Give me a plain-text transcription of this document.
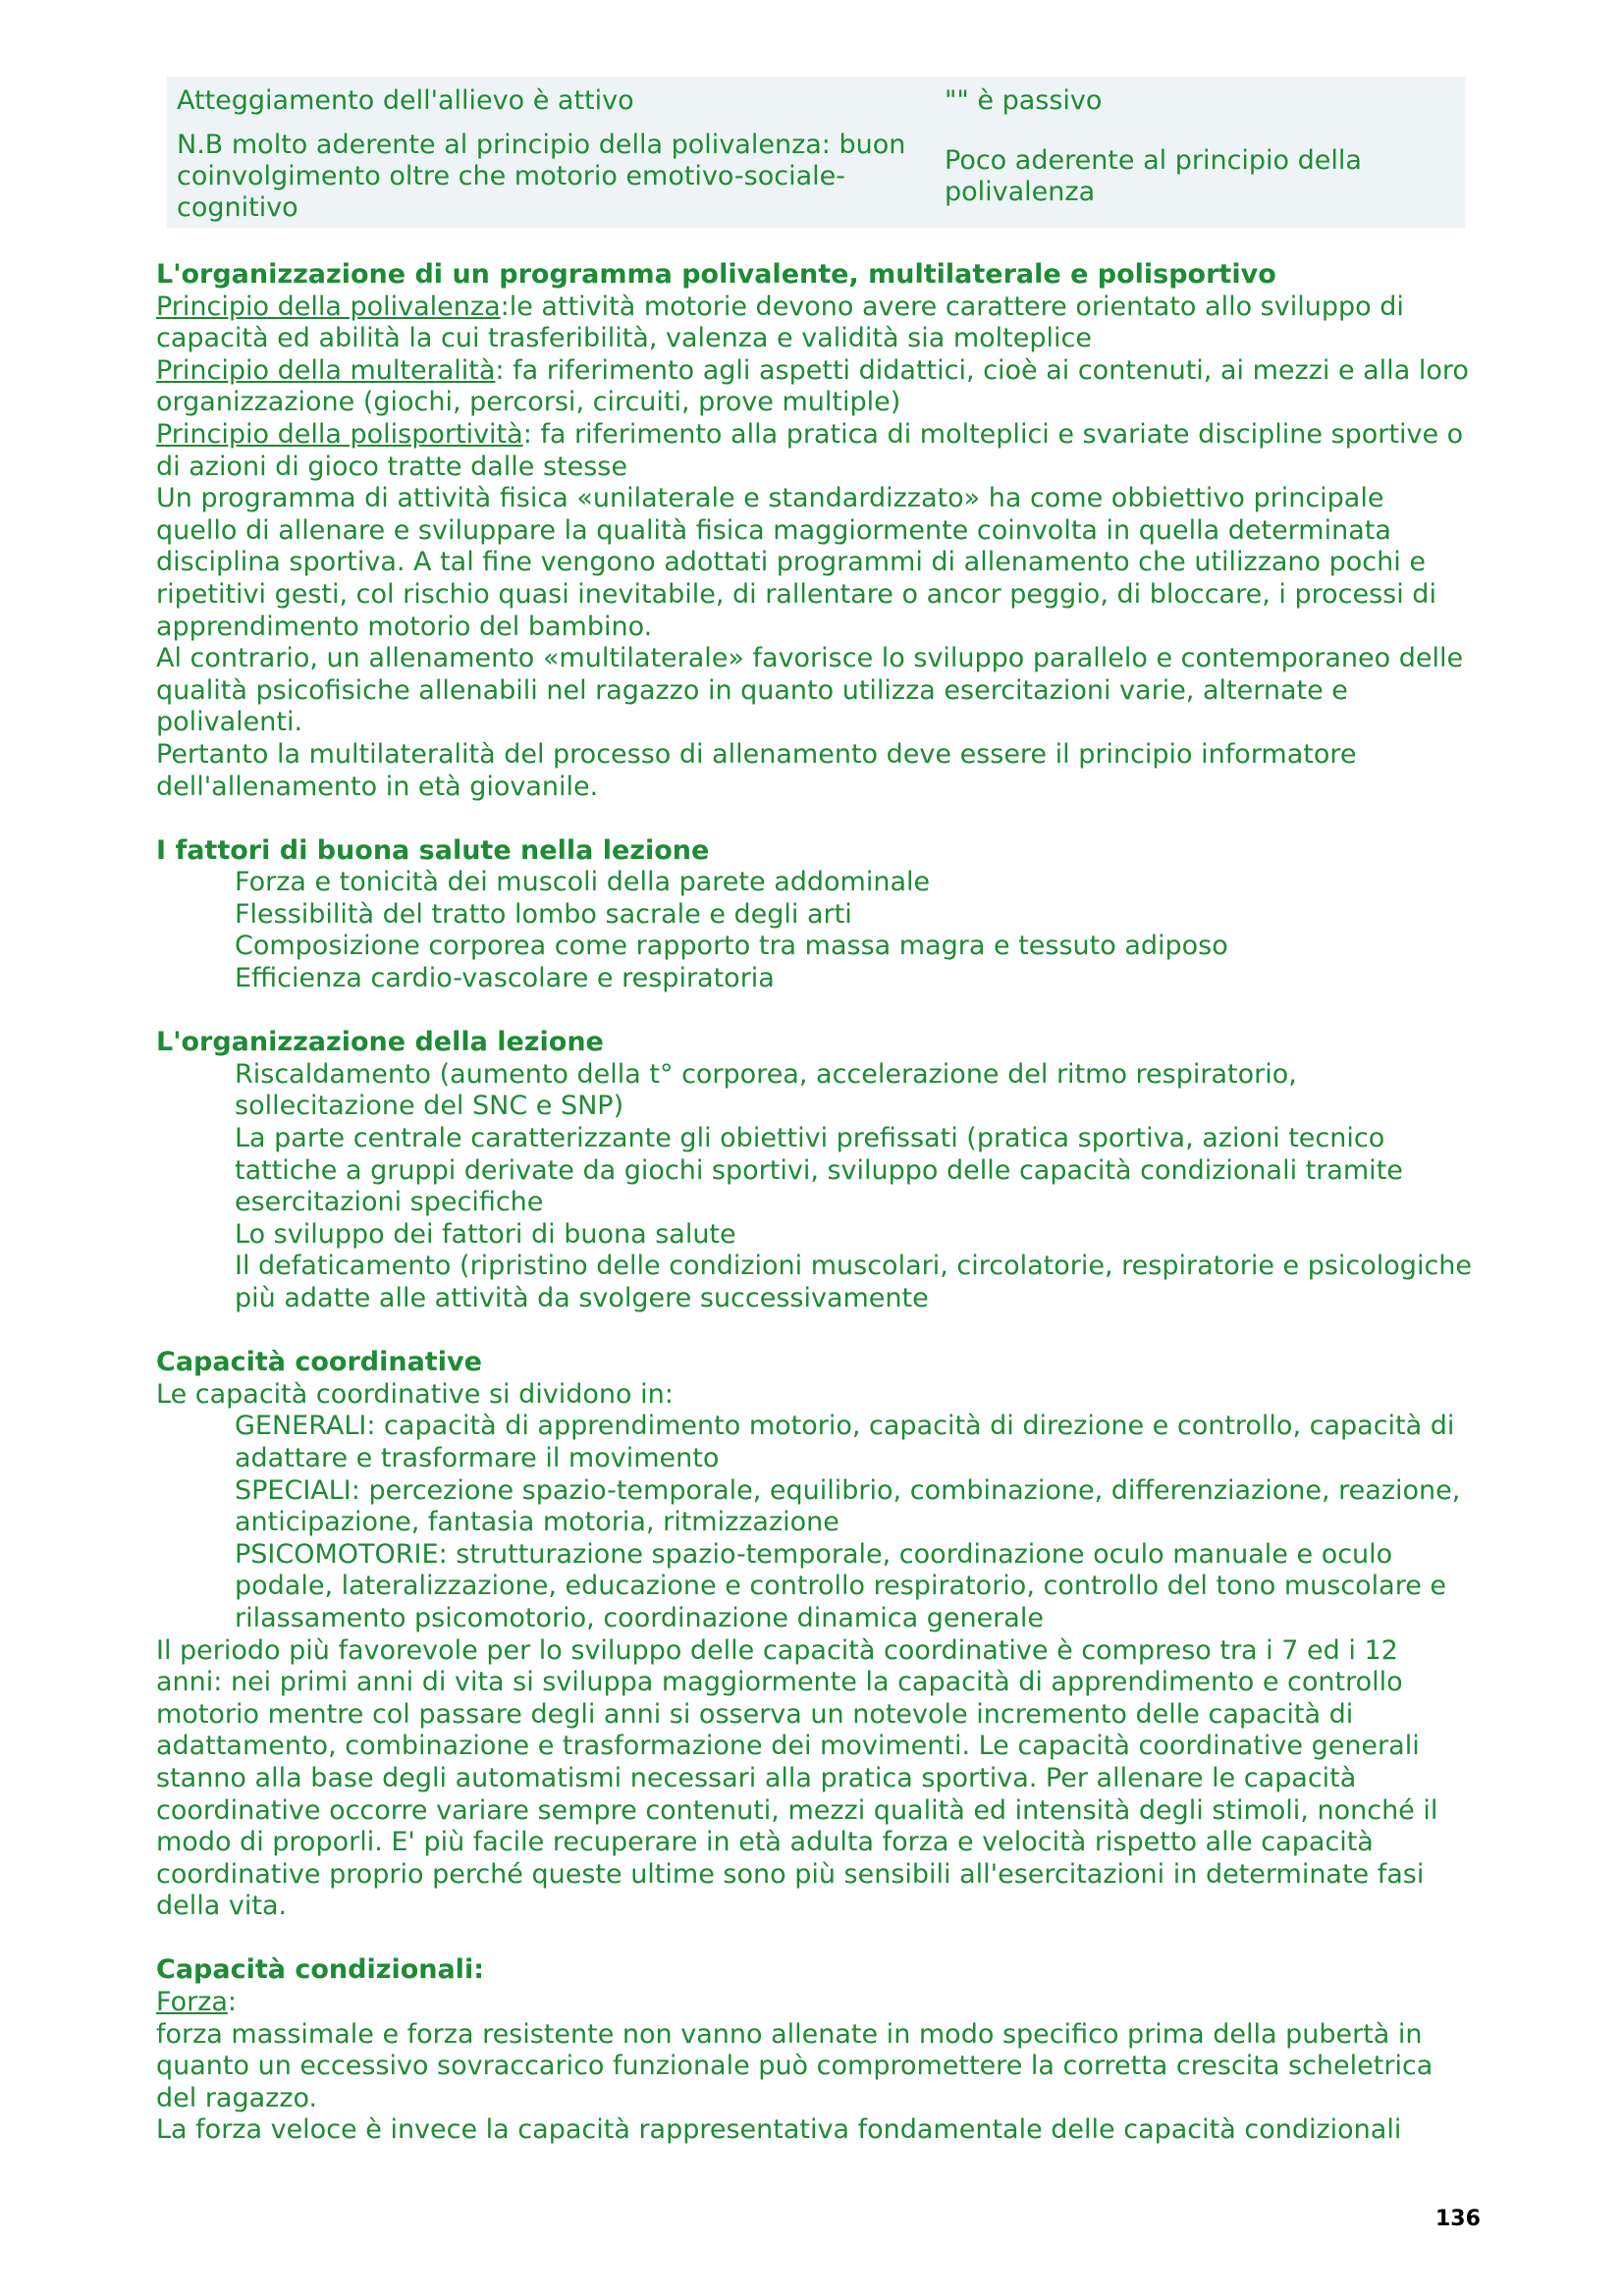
Atteggiamento dell'allievo è attivo	"" è passivo
N.B molto aderente al principio della polivalenza: buon coinvolgimento oltre che motorio emotivo-sociale-cognitivo
Poco aderente al principio della polivalenza

L'organizzazione di un programma polivalente, multilaterale e polisportivo

Principio della polivalenza:le attività motorie devono avere carattere orientato allo sviluppo di capacità ed abilità la cui trasferibilità, valenza e validità sia molteplice

Principio della multeralità: fa riferimento agli aspetti didattici, cioè ai contenuti, ai mezzi e alla loro organizzazione (giochi, percorsi, circuiti, prove multiple)

Principio della polisportività: fa riferimento alla pratica di molteplici e svariate discipline sportive o di azioni di gioco tratte dalle stesse

Un programma di attività fisica «unilaterale e standardizzato» ha come obbiettivo principale quello di allenare e sviluppare la qualità fisica maggiormente coinvolta in quella determinata disciplina sportiva. A tal fine vengono adottati programmi di allenamento che utilizzano pochi e ripetitivi gesti, col rischio quasi inevitabile, di rallentare o ancor peggio, di bloccare, i processi di apprendimento motorio del bambino.

Al contrario, un allenamento «multilaterale» favorisce lo sviluppo parallelo e contemporaneo delle qualità psicofisiche allenabili nel ragazzo in quanto utilizza esercitazioni varie, alternate e polivalenti.

Pertanto la multilateralità del processo di allenamento deve essere il principio informatore dell'allenamento in età giovanile.

I fattori di buona salute nella lezione

Forza e tonicità dei muscoli della parete addominale

Flessibilità del tratto lombo sacrale e degli arti

Composizione corporea come rapporto tra massa magra e tessuto adiposo

Efficienza cardio-vascolare e respiratoria

L'organizzazione della lezione

Riscaldamento (aumento della t° corporea, accelerazione del ritmo respiratorio, sollecitazione del SNC e SNP)

La parte centrale caratterizzante gli obiettivi prefissati (pratica sportiva, azioni tecnico tattiche a gruppi derivate da giochi sportivi, sviluppo delle capacità condizionali tramite esercitazioni specifiche

Lo sviluppo dei fattori di buona salute

Il defaticamento (ripristino delle condizioni muscolari, circolatorie, respiratorie e psicologiche più adatte alle attività da svolgere successivamente

Capacità coordinative

Le capacità coordinative si dividono in:

GENERALI: capacità di apprendimento motorio, capacità di direzione e controllo, capacità di adattare e trasformare il movimento

SPECIALI: percezione spazio-temporale, equilibrio, combinazione, differenziazione, reazione, anticipazione, fantasia motoria, ritmizzazione

PSICOMOTORIE: strutturazione spazio-temporale, coordinazione oculo manuale e oculo podale, lateralizzazione, educazione e controllo respiratorio, controllo del tono muscolare e rilassamento psicomotorio, coordinazione dinamica generale

Il periodo più favorevole per lo sviluppo delle capacità coordinative è compreso tra i 7 ed i 12 anni: nei primi anni di vita si sviluppa maggiormente la capacità di apprendimento e controllo motorio mentre col passare degli anni si osserva un notevole incremento delle capacità di adattamento, combinazione e trasformazione dei movimenti. Le capacità coordinative generali stanno alla base degli automatismi necessari alla pratica sportiva. Per allenare le capacità coordinative occorre variare sempre contenuti, mezzi qualità ed intensità degli stimoli, nonché il modo di proporli. E' più facile recuperare in età adulta forza e velocità rispetto alle capacità coordinative proprio perché queste ultime sono più sensibili all'esercitazioni in determinate fasi della vita.

Capacità condizionali:

Forza:

forza massimale e forza resistente non vanno allenate in modo specifico prima della pubertà in quanto un eccessivo sovraccarico funzionale può compromettere la corretta crescita scheletrica del ragazzo.

La forza veloce è invece la capacità rappresentativa fondamentale delle capacità condizionali

136
